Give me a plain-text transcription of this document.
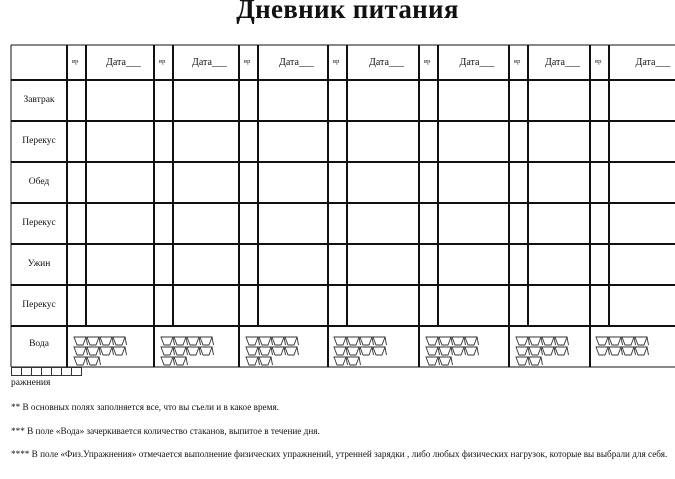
Дневник питания
вр	Дата___	вр	Дата___	вр	Дата___	вр	Дата___	вр	Дата___	вр Дата___ вр	Дата___
Завтрак
Перекус
Обед
Перекус
Ужин
Перекус
Вода
ражнения
** В основных полях заполняется все, что вы съели и в какое время.
*** В поле «Вода» зачеркивается количество стаканов, выпитое в течение дня.
**** В поле «Физ.Упражнения» отмечается выполнение физических упражнений, утренней зарядки , либо любых физических нагрузок, которые вы выбрали для себя.
